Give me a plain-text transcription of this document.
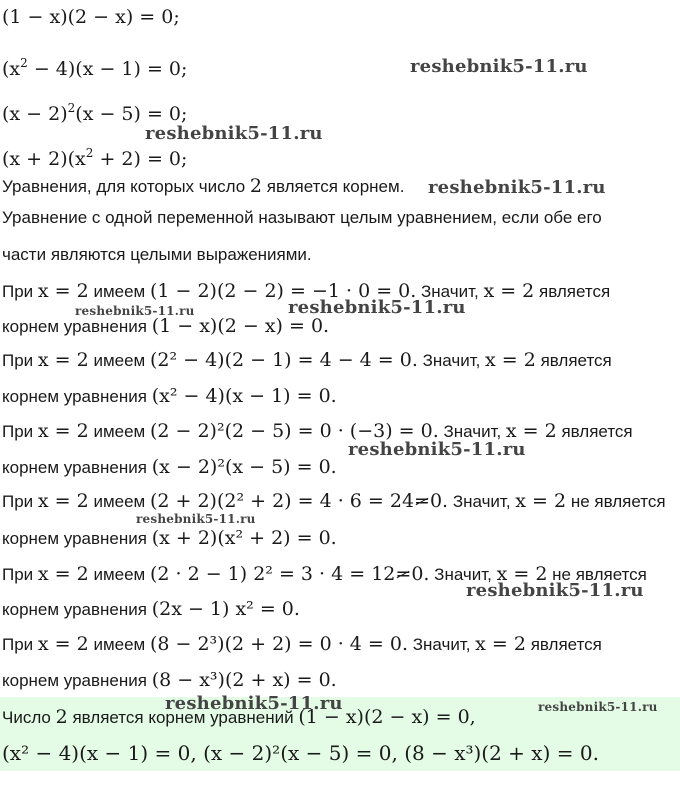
(1 − x)(2 − x) = 0;
$(x^2 - 4)(x - 1) = 0$;
$(x - 2)^2(x - 5) = 0$;
$(x + 2)(x^2 + 2) = 0$;
Уравнения, для которых число 2 является корнем.
Уравнение с одной переменной называют целым уравнением, если обе его
части являются целыми выражениями.
При x = 2 имеем (1 − 2)(2 − 2) = −1 · 0 = 0. Значит, x = 2 является
корнем уравнения (1 − x)(2 − x) = 0.
При x = 2 имеем (2² − 4)(2 − 1) = 4 − 4 = 0. Значит, x = 2 является
корнем уравнения (x² − 4)(x − 1) = 0.
При x = 2 имеем (2 − 2)²(2 − 5) = 0 · (−3) = 0. Значит, x = 2 является
корнем уравнения (x − 2)²(x − 5) = 0.
При x = 2 имеем (2 + 2)(2² + 2) = 4 · 6 = 24=0. Значит, x = 2 не является
корнем уравнения (x + 2)(x² + 2) = 0.
При x = 2 имеем (2 · 2 − 1) 2² = 3 · 4 = 12=0. Значит, x = 2 не является
корнем уравнения (2x − 1) x² = 0.
При x = 2 имеем (8 − 2³)(2 + 2) = 0 · 4 = 0. Значит, x = 2 является
корнем уравнения (8 − x³)(2 + x) = 0.
Число 2 является корнем уравнений (1 − x)(2 − x) = 0,
(x² − 4)(x − 1) = 0, (x − 2)²(x − 5) = 0, (8 − x³)(2 + x) = 0.
reshebnik5-11.ru
reshebnik5-11.ru
reshebnik5-11.ru
reshebnik5-11.ru	reshebnik5-11.ru
reshebnik5-11.ru
reshebnik5-11.ru
reshebnik5-11.ru
reshebnik5-11.ru	reshebnik5-11.ru
